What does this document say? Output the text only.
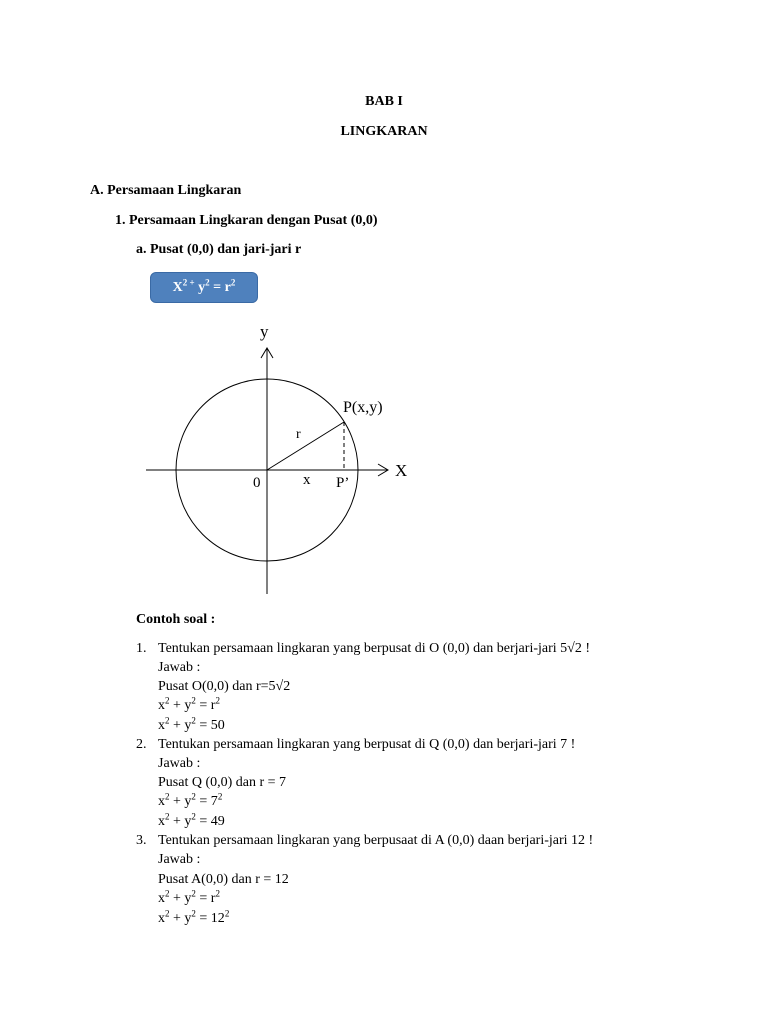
BAB I
LINGKARAN
A. Persamaan Lingkaran
1. Persamaan Lingkaran dengan Pusat (0,0)
a. Pusat (0,0) dan jari-jari r
$X^{2 +}$ $y^2 = r^2$
y
X
P(x,y)
r
0	x P’
Contoh soal :
1. Tentukan persamaan lingkaran yang berpusat di O (0,0) dan berjari-jari 5√2 !
Jawab :
Pusat O(0,0) dan r=5√2
$x^2 + y^2 = r^2$
$x^2 + y^2 = 50$
2. Tentukan persamaan lingkaran yang berpusat di Q (0,0) dan berjari-jari 7 !
Jawab :
Pusat Q (0,0) dan r = 7
$x^2 + y^2 = 7^2$
$x^2 + y^2 = 49$
3. Tentukan persamaan lingkaran yang berpusaat di A (0,0) daan berjari-jari 12 !
Jawab :
Pusat A(0,0) dan r = 12
$x^2 + y^2 = r^2$
$x^2 + y^2 = 12^2$
